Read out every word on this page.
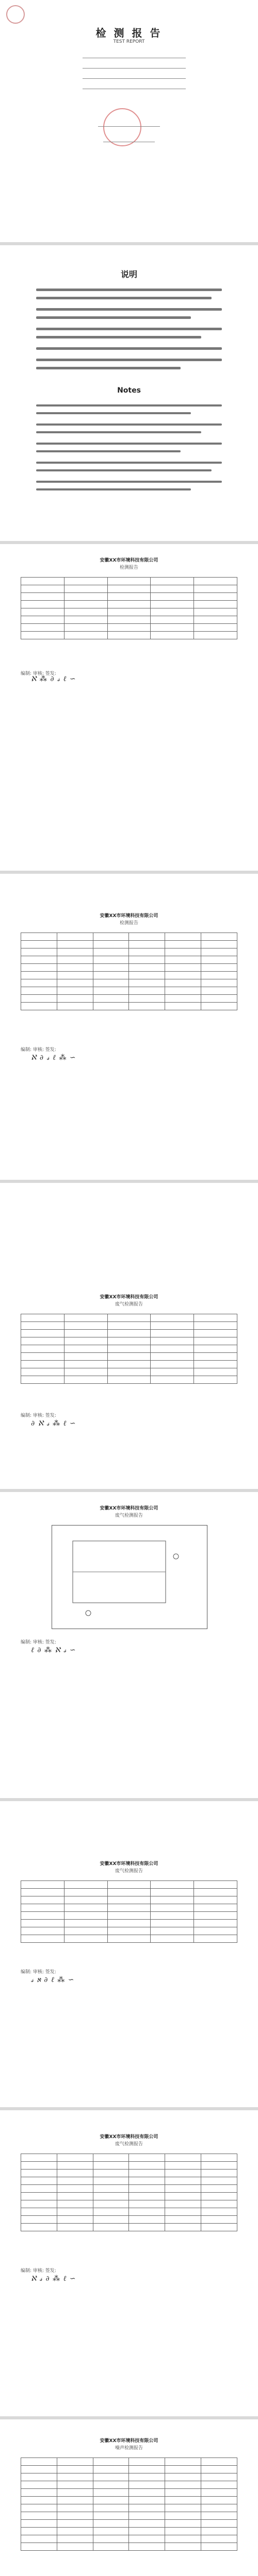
检 测 报 告
TEST REPORT
说明
Notes
安徽XX市环境科技有限公司
检测报告

ℵ ⁂ ∂ 𝓈 ℓ ∽
编制: 审核: 签发:
安徽XX市环境科技有限公司
检测报告

编制: 审核: 签发:
ℵ ∂ 𝓈 ℓ ⁂ ∽
安徽XX市环境科技有限公司
废气检测报告

编制: 审核: 签发:
∂ ℵ 𝓈 ⁂ ℓ ∽
安徽XX市环境科技有限公司
废气检测报告
编制: 审核: 签发:
ℓ ∂ ⁂ ℵ 𝓈 ∽
安徽XX市环境科技有限公司
废气检测报告

编制: 审核: 签发:
𝓈 ℵ ∂ ℓ ⁂ ∽
安徽XX市环境科技有限公司
废气检测报告

编制: 审核: 签发:
ℵ 𝓈 ∂ ⁂ ℓ ∽
安徽XX市环境科技有限公司
噪声检测报告
